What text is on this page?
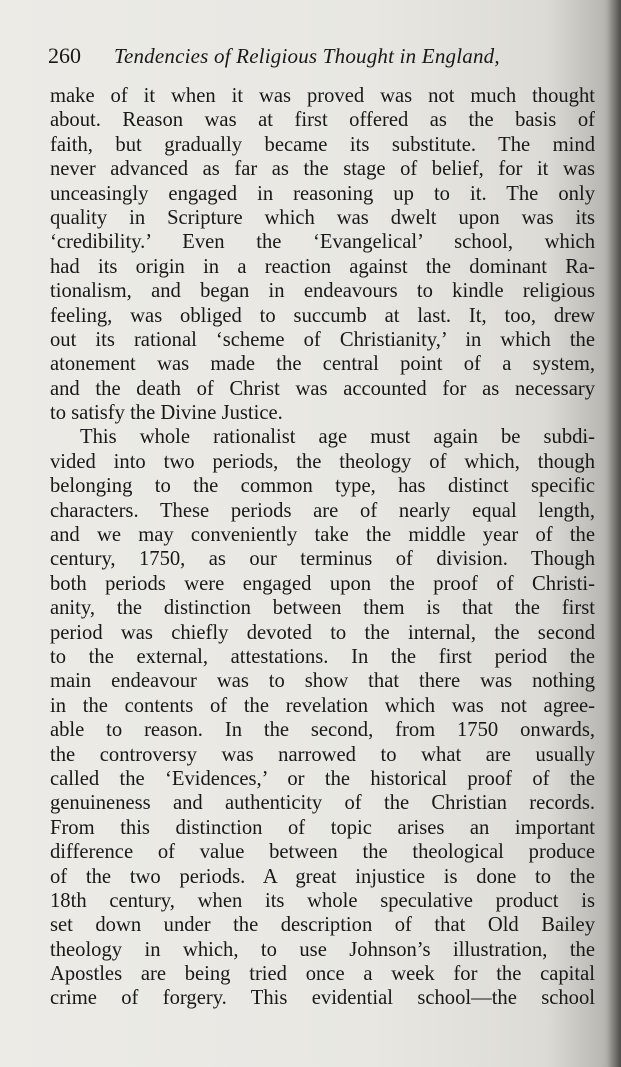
260 Tendencies of Religious Thought in England,
make of it when it was proved was not much thought
about. Reason was at first offered as the basis of
faith, but gradually became its substitute. The mind
never advanced as far as the stage of belief, for it was
unceasingly engaged in reasoning up to it. The only
quality in Scripture which was dwelt upon was its
‘credibility.’ Even the ‘Evangelical’ school, which
had its origin in a reaction against the dominant Ra-
tionalism, and began in endeavours to kindle religious
feeling, was obliged to succumb at last. It, too, drew
out its rational ‘scheme of Christianity,’ in which the
atonement was made the central point of a system,
and the death of Christ was accounted for as necessary
to satisfy the Divine Justice.
This whole rationalist age must again be subdi-
vided into two periods, the theology of which, though
belonging to the common type, has distinct specific
characters. These periods are of nearly equal length,
and we may conveniently take the middle year of the
century, 1750, as our terminus of division. Though
both periods were engaged upon the proof of Christi-
anity, the distinction between them is that the first
period was chiefly devoted to the internal, the second
to the external, attestations. In the first period the
main endeavour was to show that there was nothing
in the contents of the revelation which was not agree-
able to reason. In the second, from 1750 onwards,
the controversy was narrowed to what are usually
called the ‘Evidences,’ or the historical proof of the
genuineness and authenticity of the Christian records.
From this distinction of topic arises an important
difference of value between the theological produce
of the two periods. A great injustice is done to the
18th century, when its whole speculative product is
set down under the description of that Old Bailey
theology in which, to use Johnson’s illustration, the
Apostles are being tried once a week for the capital
crime of forgery. This evidential school—the school
